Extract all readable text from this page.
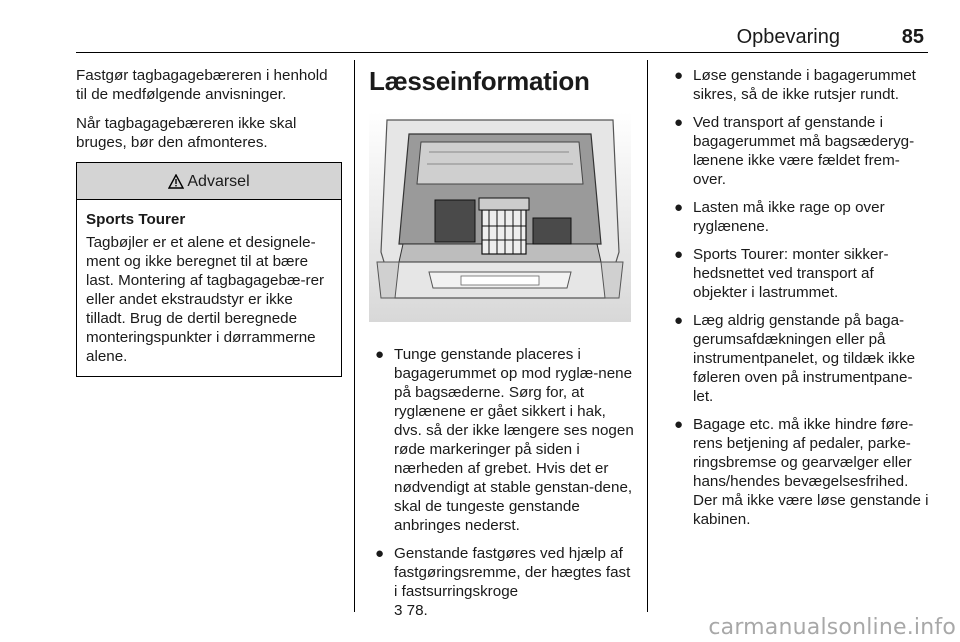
Opbevaring	85

Fastgør tagbagagebæreren i henhold til de medfølgende anvisninger.

Når tagbagagebæreren ikke skal bruges, bør den afmonteres.

Advarsel
Sports Tourer
Tagbøjler er et alene et designele-ment og ikke beregnet til at bære last. Montering af tagbagagebæ-rer eller andet ekstraudstyr er ikke tilladt. Brug de dertil beregnede monteringspunkter i dørrammerne alene.
Læsseinformation
● Tunge genstande placeres i bagagerummet op mod ryglæ-nene på bagsæderne. Sørg for, at ryglænene er gået sikkert i hak, dvs. så der ikke længere ses nogen røde markeringer på siden i nærheden af grebet. Hvis det er nødvendigt at stable genstan-dene, skal de tungeste genstande anbringes nederst.
● Genstande fastgøres ved hjælp af fastgøringsremme, der hægtes fast i fastsurringskroge
3 78.
● Løse genstande i bagagerummet sikres, så de ikke rutsjer rundt.
● Ved transport af genstande i bagagerummet må bagsæderyg-lænene ikke være fældet frem-over.
● Lasten må ikke rage op over ryglænene.
● Sports Tourer: monter sikker-hedsnettet ved transport af objekter i lastrummet.
● Læg aldrig genstande på baga-gerumsafdækningen eller på instrumentpanelet, og tildæk ikke føleren oven på instrumentpane-let.
● Bagage etc. må ikke hindre føre-rens betjening af pedaler, parke-ringsbremse og gearvælger eller hans/hendes bevægelsesfrihed. Der må ikke være løse genstande i kabinen.
carmanualsonline.info
